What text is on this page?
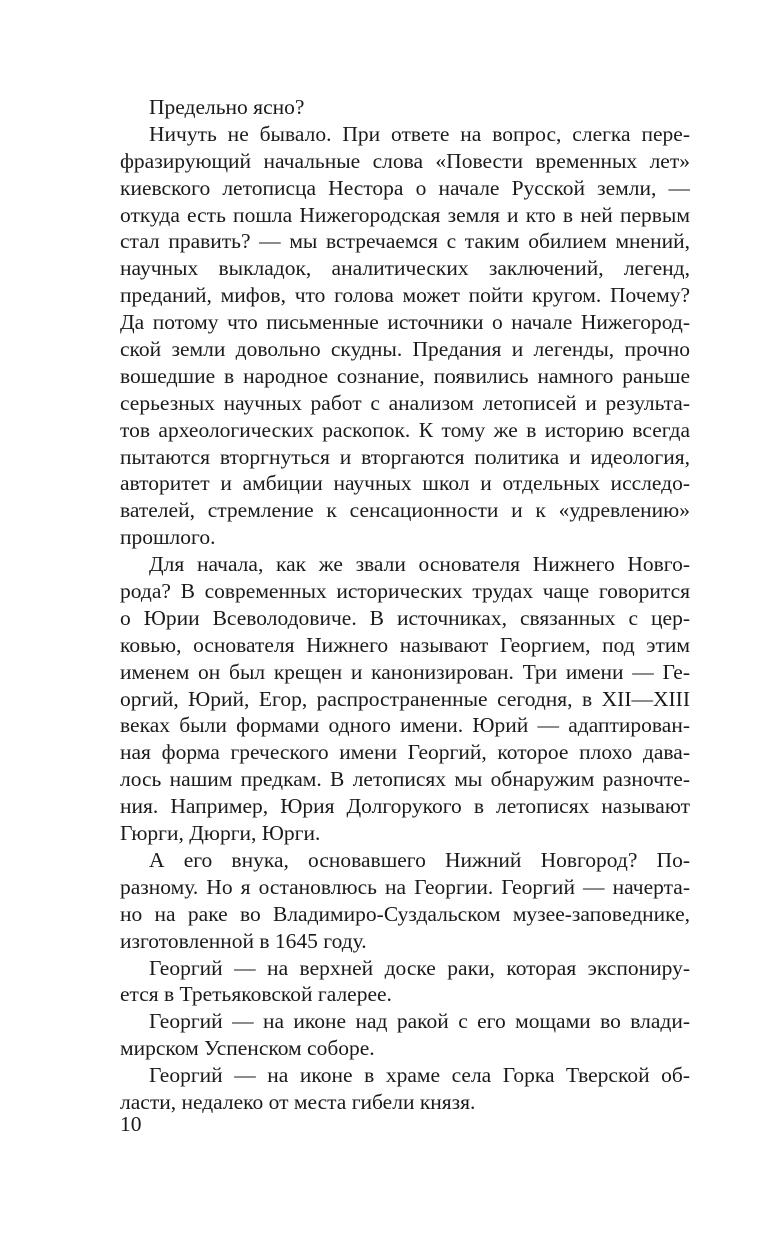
Предельно ясно?
Ничуть не бывало. При ответе на вопрос, слегка пере-
фразирующий начальные слова «Повести временных лет»
киевского летописца Нестора о начале Русской земли, —
откуда есть пошла Нижегородская земля и кто в ней первым
стал править? — мы встречаемся с таким обилием мнений,
научных выкладок, аналитических заключений, легенд,
преданий, мифов, что голова может пойти кругом. Почему?
Да потому что письменные источники о начале Нижегород-
ской земли довольно скудны. Предания и легенды, прочно
вошедшие в народное сознание, появились намного раньше
серьезных научных работ с анализом летописей и результа-
тов археологических раскопок. К тому же в историю всегда
пытаются вторгнуться и вторгаются политика и идеология,
авторитет и амбиции научных школ и отдельных исследо-
вателей, стремление к сенсационности и к «удревлению»
прошлого.
Для начала, как же звали основателя Нижнего Новго-
рода? В современных исторических трудах чаще говорится
о Юрии Всеволодовиче. В источниках, связанных с цер-
ковью, основателя Нижнего называют Георгием, под этим
именем он был крещен и канонизирован. Три имени — Ге-
оргий, Юрий, Егор, распространенные сегодня, в XII—XIII
веках были формами одного имени. Юрий — адаптирован-
ная форма греческого имени Георгий, которое плохо дава-
лось нашим предкам. В летописях мы обнаружим разночте-
ния. Например, Юрия Долгорукого в летописях называют
Гюрги, Дюрги, Юрги.
А его внука, основавшего Нижний Новгород? По-
разному. Но я остановлюсь на Георгии. Георгий — начерта-
но на раке во Владимиро-Суздальском музее-заповеднике,
изготовленной в 1645 году.
Георгий — на верхней доске раки, которая экспониру-
ется в Третьяковской галерее.
Георгий — на иконе над ракой с его мощами во влади-
мирском Успенском соборе.
Георгий — на иконе в храме села Горка Тверской об-
ласти, недалеко от места гибели князя.
10
